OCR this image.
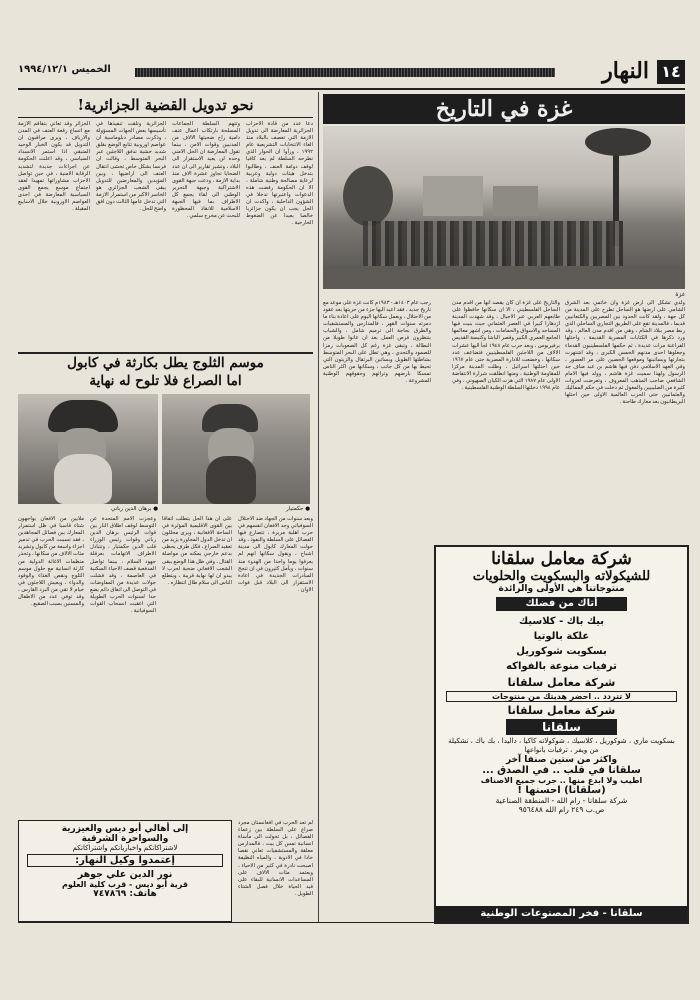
١٤
النهار
الخميس ١٩٩٤/١٢/١
نحو تدويل القضية الجزائرية!
دعا عدد من قادة الاحزاب الجزائرية المعارضة الى تدويل الازمة التي تعصف بالبلاد منذ الغاء الانتخابات التشريعية عام ١٩٩٢ ، ورأوا ان الحوار الذي تطرحه السلطة لم يعد كافيا لوقف دوامة العنف ، وطالبوا بتدخل هيئات دولية وعربية لرعاية مصالحة وطنية شاملة ، الا ان الحكومة رفضت هذه الدعوات واعتبرتها تدخلا في الشؤون الداخلية ، واكدت ان الحل يجب ان يكون جزائريا خالصا بعيدا عن الضغوط الخارجية .
وتتهم السلطة الجماعات المسلحة بارتكاب اعمال عنف دامية راح ضحيتها الالاف من المدنيين وقوات الامن ، بينما تقول المعارضة ان الحل الامني وحده لن يعيد الاستقرار الى البلاد ، وتشير تقارير الى ان عدد الضحايا تجاوز عشرة الاف منذ بداية الازمة ، ودعت جبهة القوى الاشتراكية وجبهة التحرير الوطني الى لقاء يجمع كل الاطراف بما فيها الجبهة الاسلامية للانقاذ المحظورة للبحث عن مخرج سلمي .
الجزائرية وتلقت تنفيذها في تأسيسها بعض الجهات المسؤولة ، وذكرت مصادر دبلوماسية ان عواصم اوروبية تتابع الوضع بقلق شديد خشية تدفق اللاجئين عبر البحر المتوسط ، وقالت ان فرنسا بشكل خاص تخشى انتقال العنف الى اراضيها ، وبين المؤيدين والمعارضين للتدويل يبقى الشعب الجزائري هو الخاسر الاكبر من استمرار الازمة التي تدخل عامها الثالث دون افق واضح للحل .
الجزائر وقد تعاني بتفاقم الازمة مع اتساع رقعة العنف في المدن والارياف ، ويرى مراقبون ان التدويل قد يكون الخيار الوحيد المتبقي اذا استمر الانسداد السياسي ، وقد اعلنت الحكومة عن اجراءات جديدة لتشديد الرقابة الامنية ، في حين تواصل الاحزاب مشاوراتها تمهيدا لعقد اجتماع موسع يجمع القوى السياسية المعارضة في احدى العواصم الاوروبية خلال الاسابيع المقبلة .
موسم الثلوج يطل بكارثة في كابول
اما الصراع فلا تلوح له نهاية
● حكمتيار
● برهان الدين رباني
ملايين من الافغان يواجهون شتاء قاسيا في ظل استمرار المعارك بين فصائل المجاهدين ، فقد تسببت الحرب في تدمير اجزاء واسعة من كابول وتشريد مئات الالاف من سكانها ، وتحذر منظمات الاغاثة الدولية من كارثة انسانية مع حلول موسم الثلوج ونقص الغذاء والوقود والدواء ، ويعيش اللاجئون في خيام لا تقي من البرد القارس ، وقد توفي عدد من الاطفال والمسنين بسبب الصقيع .
وعجزت الامم المتحدة عن التوسط لوقف اطلاق النار بين قوات الرئيس برهان الدين رباني وقوات رئيس الوزراء قلب الدين حكمتيار ، وتتبادل الاطراف الاتهامات بعرقلة جهود السلام ، بينما تواصل المدفعية قصف الاحياء السكنية في العاصمة ، وقد فشلت جولات عديدة من المفاوضات في التوصل الى اتفاق دائم يضع حدا لسنوات الحرب الطويلة التي اعقبت انسحاب القوات السوفياتية .
على ان هذا الحل يتطلب اتفاقا بين القوى الاقليمية المؤثرة في الساحة الافغانية ، ويرى محللون ان تدخل الدول المجاورة يزيد من تعقيد الصراع ، فكل طرف يحظى بدعم خارجي يمكنه من مواصلة القتال ، وفي ظل هذا الوضع يبقى الشعب الافغاني ضحية لحرب لا يبدو ان لها نهاية قريبة ، ويتطلع الناس الى سلام طال انتظاره .
وبعد سنوات من الجهاد ضد الاحتلال السوفياتي وجد الافغان انفسهم في حرب اهلية مريرة ، تتصارع فيها الفصائل على السلطة والنفوذ ، وقد حولت المعارك كابول الى مدينة اشباح ، ويقول سكانها انهم لم يعرفوا يوما واحدا من الهدوء منذ سنوات ، ويأمل كثيرون في ان تنجح المبادرات الجديدة في اعادة الاستقرار الى البلاد قبل فوات الاوان .
لم تعد الحرب في افغانستان مجرد صراع على السلطة بين زعماء الفصائل ، بل تحولت الى مأساة انسانية تمس كل بيت ، فالمدارس مغلقة والمستشفيات تعاني نقصا حادا في الادوية ، والمياه النظيفة اصبحت نادرة في كثير من الاحياء ، ويعتمد مئات الالاف على المساعدات الانسانية للبقاء على قيد الحياة خلال فصل الشتاء الطويل .
إلى أهالي أبو ديس والعيزرية
والسواحرة الشرقية
لاشتراكاتكم واخبارياتكم واشتراكاتكم
إعتمدوا وكيل النهار:
نور الدين علي جوهر
قرية أبو ديس - قرب كلية العلوم
هاتف: ٧٤٧٨٦٩
غزة في التاريخ
غزة
ولدي تشكل الى أرض غزة وان خاتمي بعد الشرق الشامي على ارضها هو الساحل تطرح على المدينة من كل جهة ، ولقد كانت الحدود بين المصريين والكنعانيين قديما ، فالمدينة تقع على الطريق التجاري الساحلي الذي ربط مصر ببلاد الشام ، وهي من اقدم مدن العالم ، وقد ورد ذكرها في الكتابات المصرية القديمة ، واحتلها الفراعنة مرات عديدة ، ثم حكمها الفلسطينيون القدماء وجعلوها احدى مدنهم الخمس الكبرى ، وقد اشتهرت بتجارتها وبساتينها وموقعها الحصين على مر العصور ، وفي العهد الاسلامي دفن فيها هاشم بن عبد مناف جد الرسول ولهذا سميت غزة هاشم ، وولد فيها الامام الشافعي صاحب المذهب المعروف ، وتعرضت لغزوات كثيرة من الصليبيين والمغول ثم دخلت في حكم المماليك والعثمانيين حتى الحرب العالمية الاولى حين احتلها البريطانيون بعد معارك طاحنة .
والتاريخ على غزة ان كان يقصد انها من اقدم مدن الساحل الفلسطيني ، الا ان سكانها حافظوا على طابعهم العربي عبر الاجيال ، وقد شهدت المدينة ازدهارا كبيرا في العصر العثماني حيث بنيت فيها المساجد والاسواق والحمامات ، ومن اشهر معالمها الجامع العمري الكبير وقصر الباشا وكنيسة القديس برفيريوس ، وبعد حرب عام ١٩٤٨ لجأ اليها عشرات الالاف من اللاجئين الفلسطينيين فتضاعف عدد سكانها ، وخضعت للادارة المصرية حتى عام ١٩٦٧ حين احتلتها اسرائيل ، وظلت المدينة مركزا للمقاومة الوطنية ، ومنها انطلقت شرارة الانتفاضة الاولى عام ١٩٨٧ التي هزت الكيان الصهيوني ، وفي عام ١٩٩٤ دخلتها السلطة الوطنية الفلسطينية .
رجب عام ١٤٠٣هـ - ١٩٨٣م كانت غزة على موعد مع تاريخ جديد ، فقد اعيد اليها جزء من حريتها بعد عقود من الاحتلال ، ويعمل سكانها اليوم على اعادة بناء ما دمرته سنوات القهر ، فالمدارس والمستشفيات والطرق بحاجة الى ترميم شامل ، والشباب ينتظرون فرص العمل بعد ان عانوا طويلا من البطالة ، وتبقى غزة رغم كل الصعوبات رمزا للصمود والتحدي ، وهي تطل على البحر المتوسط بشاطئها الطويل وبساتين البرتقال والزيتون التي تحيط بها من كل جانب ، وسكانها من اكثر الناس تمسكا بارضهم وتراثهم وحقوقهم الوطنية المشروعة .
شركة معامل سلقانا
للشيكولاته والبسكويت والحلويات
منتوجاتنا هي الأولى والرائدة
أتاك من فضلك
بيك باك - كلاسيك
علكة بالوتيا
بسكويت شوكوريل
ترفيات منوعة بالفواكه
شركة معامل سلقانا
لا تتردد .. احضر هديتك من منتوجات
شركة معامل سلقانا
سلقانا
بسكويت ماري ، شوكوريل ، كلاسيك ، شوكولاته كاكيا ، داليدا ، بك باك ، تشكيلة من ويفر ، ترفيات بانواعها
واكثر من ستين صنفا آخر
سلقانا في قلب .. في الصدق ...
اطيب ولا ابدع منها .. جرب جميع الاصناف
(سلقانا) احسنها !
شركة سلقانا - رام الله - المنطقة الصناعية
ص.ب ٢٤٩ رام الله ٩٥٦٤٨٨
سلقانا - فخر المصنوعات الوطنية
